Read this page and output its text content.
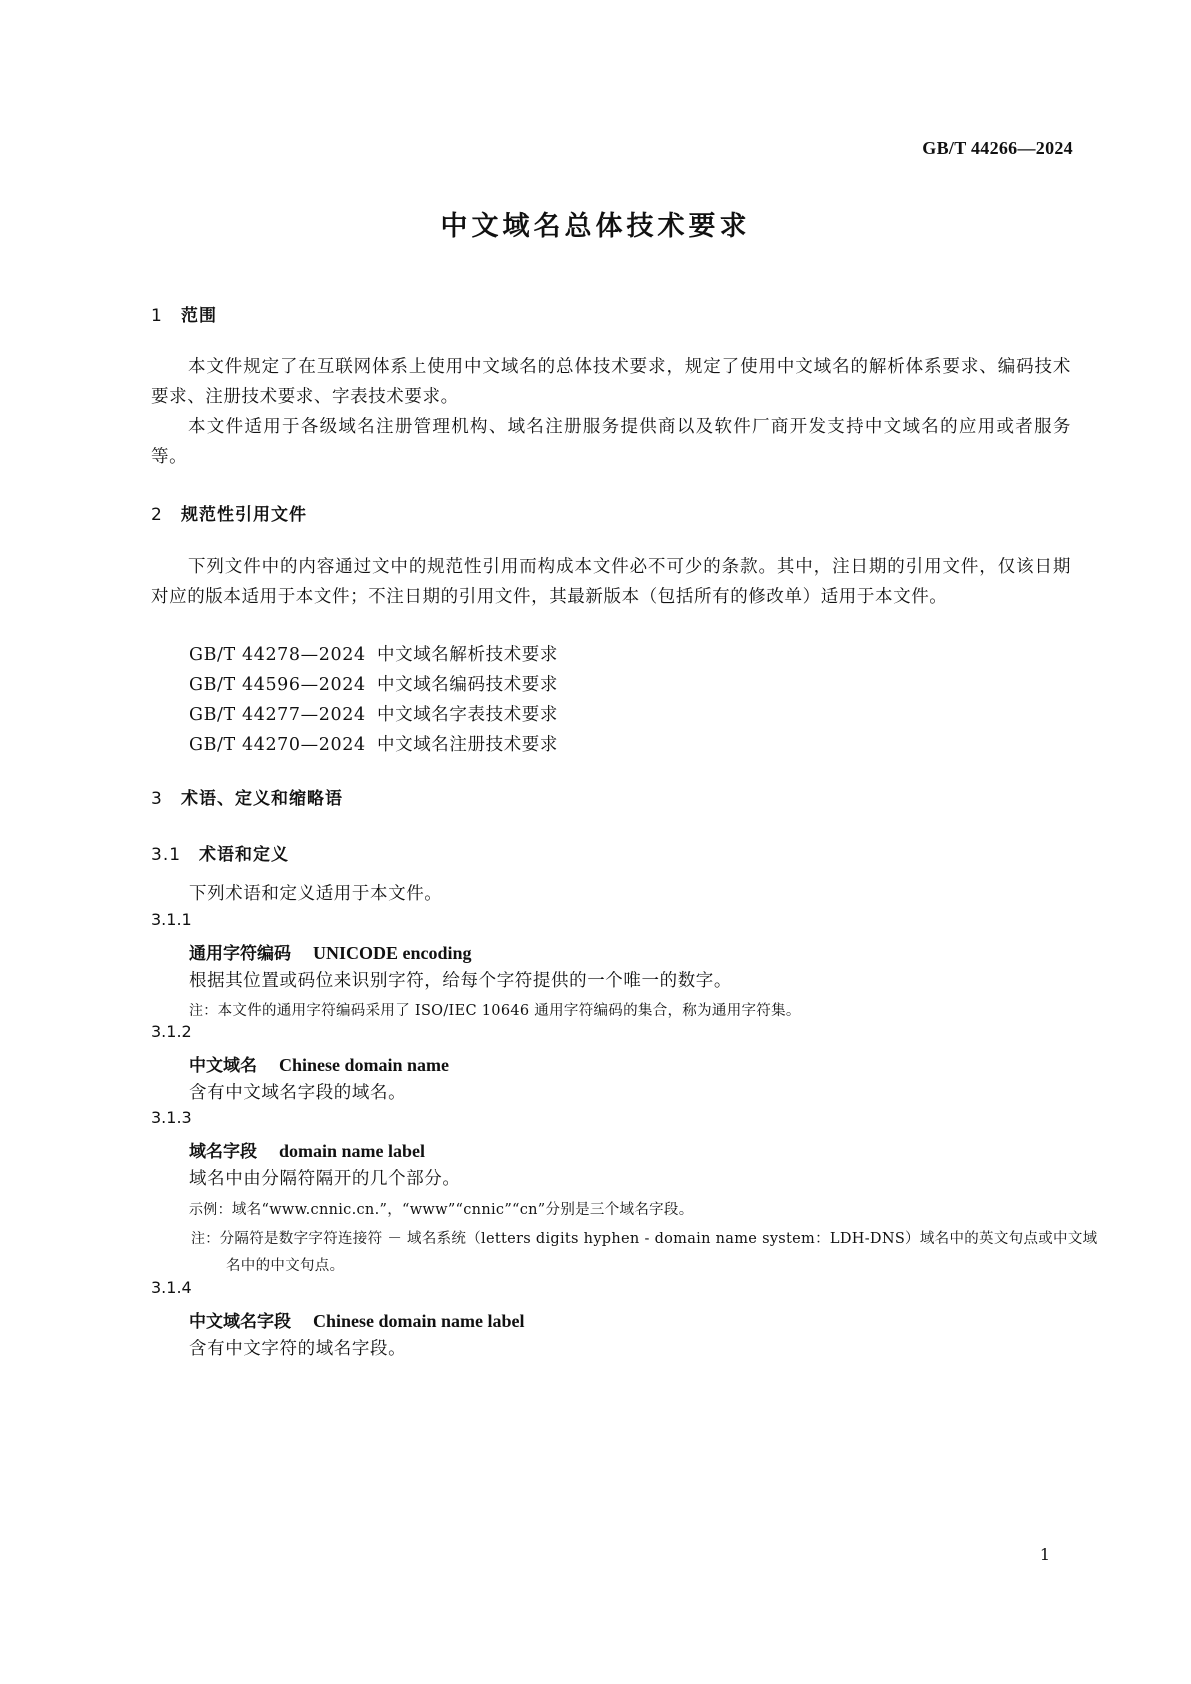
GB/T 44266—2024
中文域名总体技术要求
1 范围
本文件规定了在互联网体系上使用中文域名的总体技术要求，规定了使用中文域名的解析体系要求、编码技术要求、注册技术要求、字表技术要求。
本文件适用于各级域名注册管理机构、域名注册服务提供商以及软件厂商开发支持中文域名的应用或者服务等。
2 规范性引用文件
下列文件中的内容通过文中的规范性引用而构成本文件必不可少的条款。其中，注日期的引用文件，仅该日期对应的版本适用于本文件；不注日期的引用文件，其最新版本（包括所有的修改单）适用于本文件。
GB/T 44278—2024 中文域名解析技术要求
GB/T 44596—2024 中文域名编码技术要求
GB/T 44277—2024 中文域名字表技术要求
GB/T 44270—2024 中文域名注册技术要求
3 术语、定义和缩略语
3.1 术语和定义
下列术语和定义适用于本文件。
3.1.1
通用字符编码 UNICODE encoding
根据其位置或码位来识别字符，给每个字符提供的一个唯一的数字。
注：本文件的通用字符编码采用了 ISO/IEC 10646 通用字符编码的集合，称为通用字符集。
3.1.2
中文域名 Chinese domain name
含有中文域名字段的域名。
3.1.3
域名字段 domain name label
域名中由分隔符隔开的几个部分。
示例：域名“www.cnnic.cn.”，“www”“cnnic”“cn”分别是三个域名字段。
注：分隔符是数字字符连接符 － 域名系统（letters digits hyphen - domain name system：LDH-DNS）域名中的英文句点或中文域名中的中文句点。
3.1.4
中文域名字段 Chinese domain name label
含有中文字符的域名字段。
1
